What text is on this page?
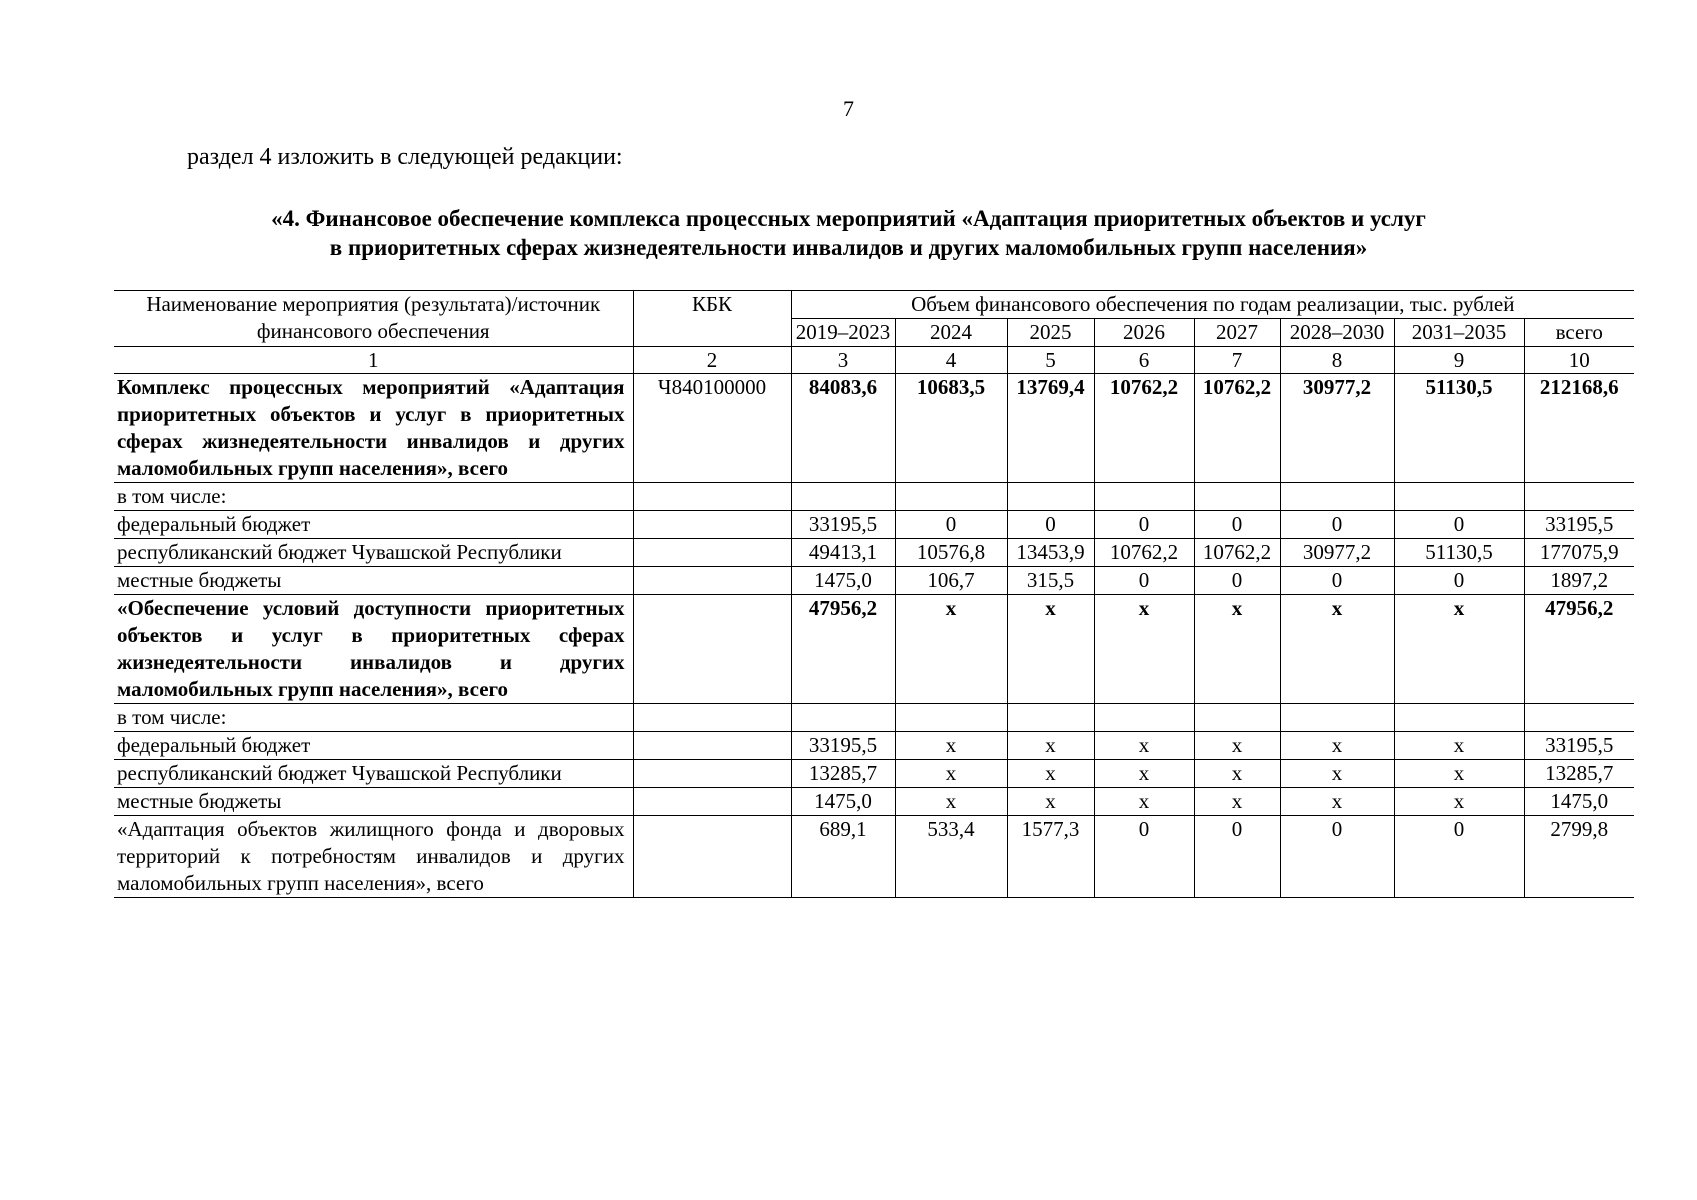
7
раздел 4 изложить в следующей редакции:
«4. Финансовое обеспечение комплекса процессных мероприятий «Адаптация приоритетных объектов и услуг
в приоритетных сферах жизнедеятельности инвалидов и других маломобильных групп населения»
Наименование мероприятия (результата)/источник финансового обеспечения	КБК	Объем финансового обеспечения по годам реализации, тыс. рублей							
		2019–2023	2024	2025	2026	2027	2028–2030	2031–2035	всего
1	2	3	4	5	6	7	8	9	10
Комплекс процессных мероприятий «Адаптация приоритетных объектов и услуг в приоритетных сферах жизнедеятельности инвалидов и других маломобильных групп населения», всего	Ч840100000	84083,6	10683,5	13769,4	10762,2	10762,2	30977,2	51130,5	212168,6
в том числе:									
федеральный бюджет		33195,5	0	0	0	0	0	0	33195,5
республиканский бюджет Чувашской Республики		49413,1	10576,8	13453,9	10762,2	10762,2	30977,2	51130,5	177075,9
местные бюджеты		1475,0	106,7	315,5	0	0	0	0	1897,2
«Обеспечение условий доступности приоритетных объектов и услуг в приоритетных сферах жизнедеятельности инвалидов и других маломобильных групп населения», всего		47956,2	x	x	x	x	x	x	47956,2
в том числе:									
федеральный бюджет		33195,5	x	x	x	x	x	x	33195,5
республиканский бюджет Чувашской Республики		13285,7	x	x	x	x	x	x	13285,7
местные бюджеты		1475,0	x	x	x	x	x	x	1475,0
«Адаптация объектов жилищного фонда и дворовых территорий к потребностям инвалидов и других маломобильных групп населения», всего		689,1	533,4	1577,3	0	0	0	0	2799,8
